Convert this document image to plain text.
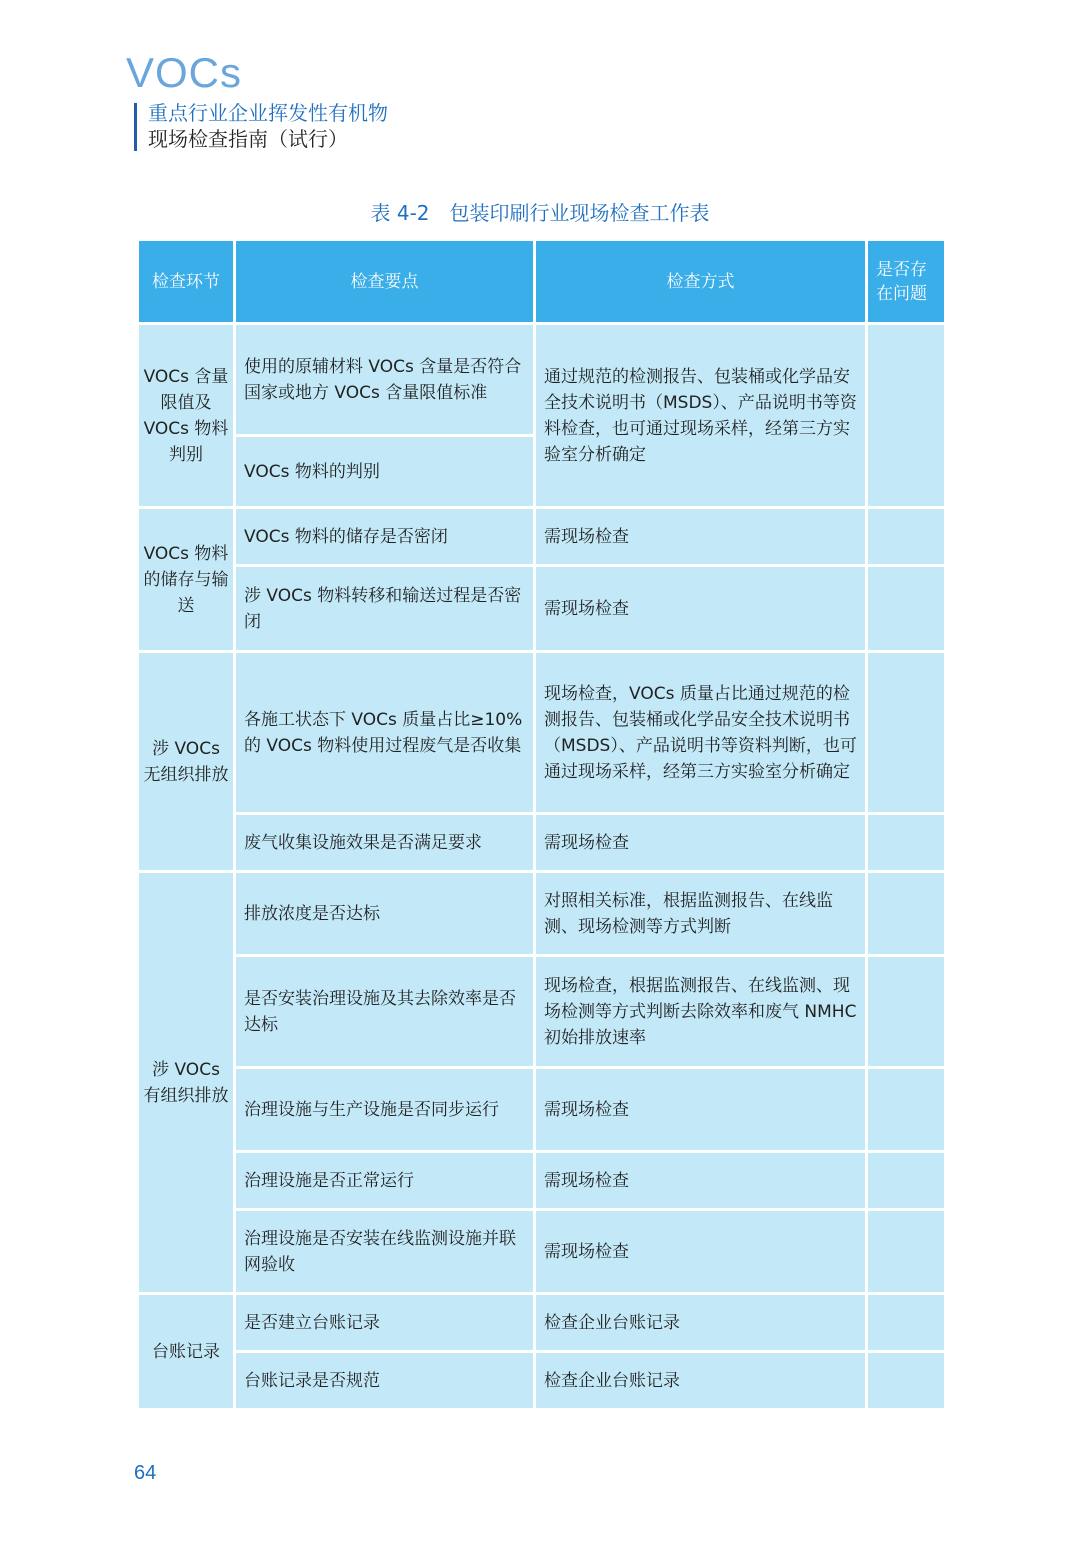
VOCs
重点行业企业挥发性有机物
现场检查指南（试行）
表 4-2　包装印刷行业现场检查工作表
检查环节	检查要点	检查方式	是否存在问题
VOCs 含量限值及 VOCs 物料判别	使用的原辅材料 VOCs 含量是否符合国家或地方 VOCs 含量限值标准	通过规范的检测报告、包装桶或化学品安全技术说明书（MSDS）、产品说明书等资料检查，也可通过现场采样，经第三方实验室分析确定	
	VOCs 物料的判别		
VOCs 物料的储存与输送	VOCs 物料的储存是否密闭	需现场检查	
	涉 VOCs 物料转移和输送过程是否密闭	需现场检查	
涉 VOCs 无组织排放	各施工状态下 VOCs 质量占比≥10% 的 VOCs 物料使用过程废气是否收集	现场检查，VOCs 质量占比通过规范的检测报告、包装桶或化学品安全技术说明书（MSDS）、产品说明书等资料判断，也可通过现场采样，经第三方实验室分析确定	
	废气收集设施效果是否满足要求	需现场检查	
涉 VOCs 有组织排放	排放浓度是否达标	对照相关标准，根据监测报告、在线监测、现场检测等方式判断	
	是否安装治理设施及其去除效率是否达标	现场检查，根据监测报告、在线监测、现场检测等方式判断去除效率和废气 NMHC 初始排放速率	
	治理设施与生产设施是否同步运行	需现场检查	
	治理设施是否正常运行	需现场检查	
	治理设施是否安装在线监测设施并联网验收	需现场检查	
台账记录	是否建立台账记录	检查企业台账记录	
	台账记录是否规范	检查企业台账记录	
64
